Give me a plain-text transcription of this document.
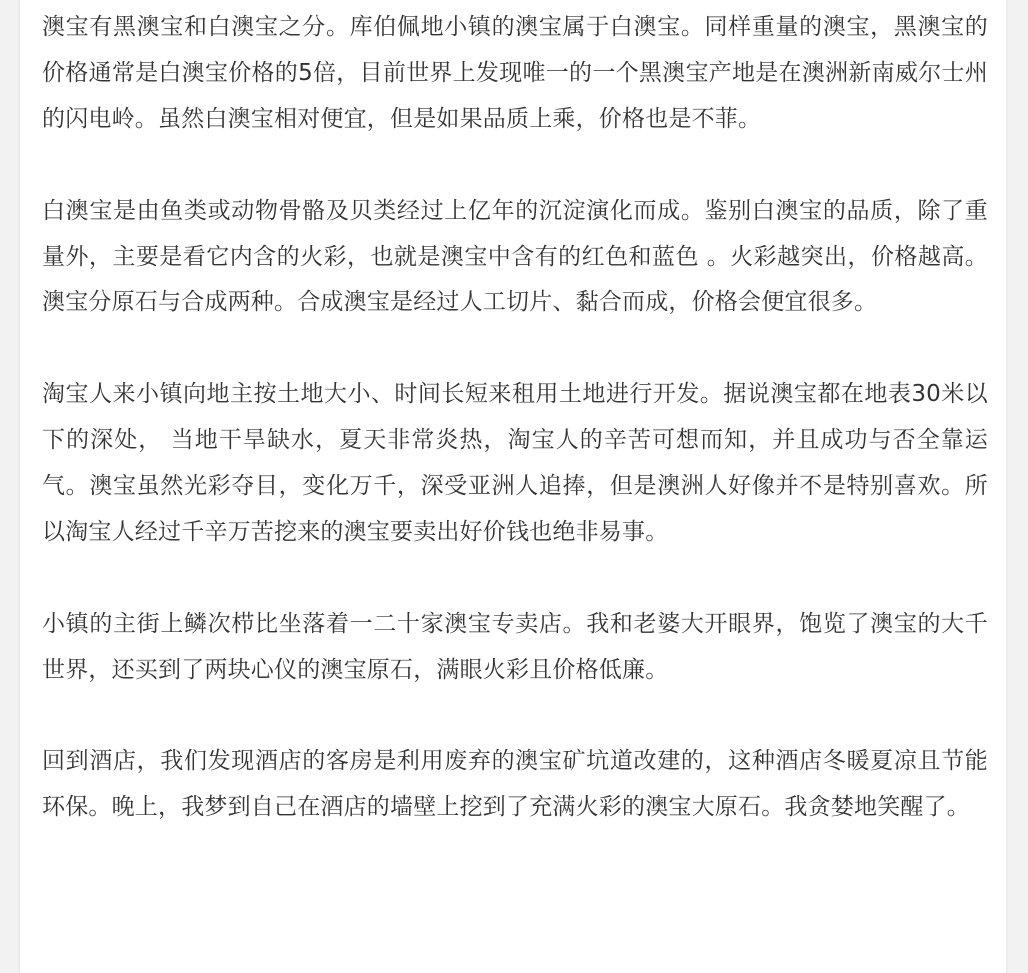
澳宝有黑澳宝和白澳宝之分。库伯佩地小镇的澳宝属于白澳宝。同样重量的澳宝，黑澳宝的价格通常是白澳宝价格的5倍，目前世界上发现唯一的一个黑澳宝产地是在澳洲新南威尔士州的闪电岭。虽然白澳宝相对便宜，但是如果品质上乘，价格也是不菲。

白澳宝是由鱼类或动物骨骼及贝类经过上亿年的沉淀演化而成。鉴别白澳宝的品质，除了重量外，主要是看它内含的火彩，也就是澳宝中含有的红色和蓝色 。火彩越突出，价格越高。澳宝分原石与合成两种。合成澳宝是经过人工切片、黏合而成，价格会便宜很多。

淘宝人来小镇向地主按土地大小、时间长短来租用土地进行开发。据说澳宝都在地表30米以下的深处， 当地干旱缺水，夏天非常炎热，淘宝人的辛苦可想而知，并且成功与否全靠运气。澳宝虽然光彩夺目，变化万千，深受亚洲人追捧，但是澳洲人好像并不是特别喜欢。所以淘宝人经过千辛万苦挖来的澳宝要卖出好价钱也绝非易事。

小镇的主街上鳞次栉比坐落着一二十家澳宝专卖店。我和老婆大开眼界，饱览了澳宝的大千世界，还买到了两块心仪的澳宝原石，满眼火彩且价格低廉。

回到酒店，我们发现酒店的客房是利用废弃的澳宝矿坑道改建的，这种酒店冬暖夏凉且节能环保。晚上，我梦到自己在酒店的墙壁上挖到了充满火彩的澳宝大原石。我贪婪地笑醒了。
